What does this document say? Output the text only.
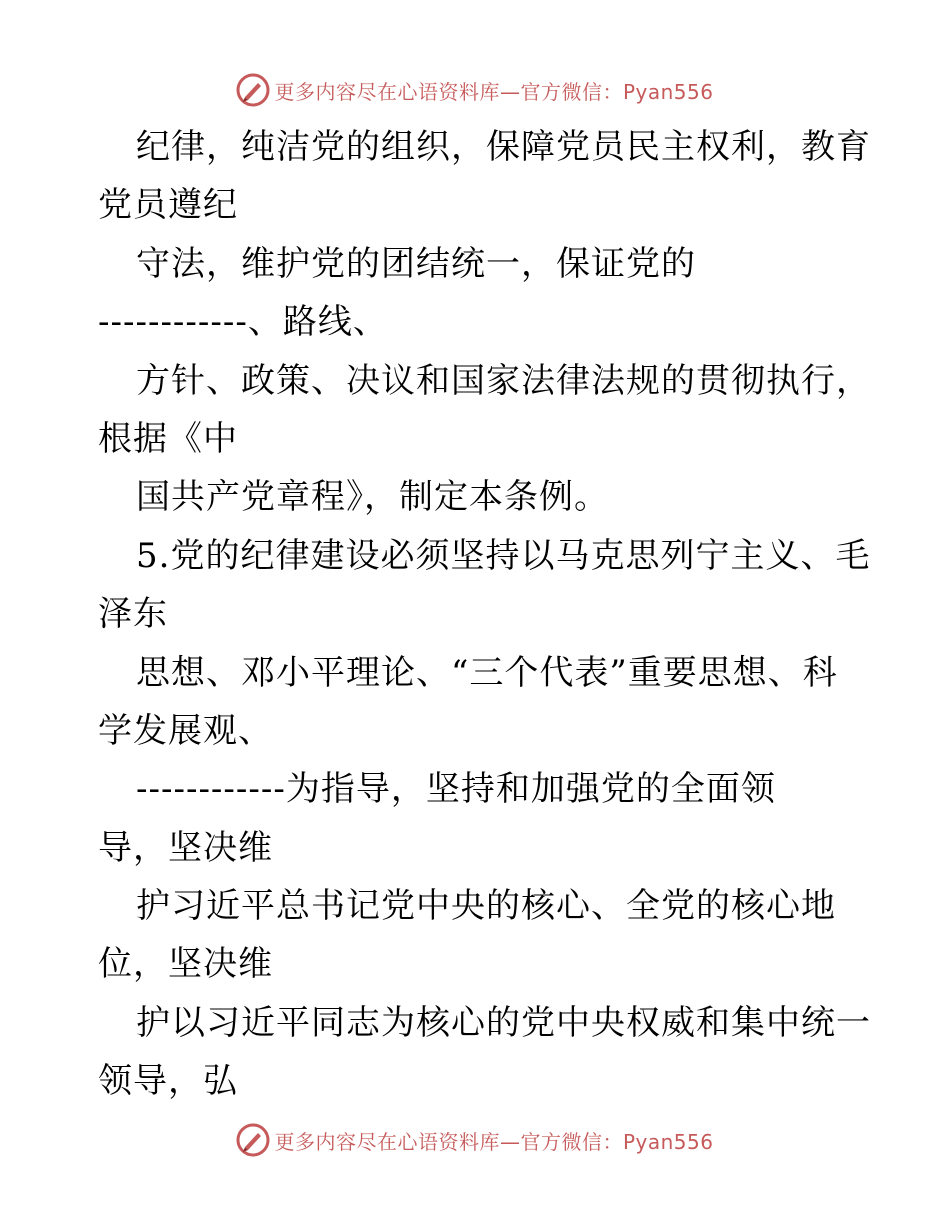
更多内容尽在心语资料库—官方微信：Pyan556
纪律，纯洁党的组织，保障党员民主权利，教育
党员遵纪
守法，维护党的团结统一，保证党的
------------、路线、
方针、政策、决议和国家法律法规的贯彻执行，
根据《中
国共产党章程》，制定本条例。
5.党的纪律建设必须坚持以马克思列宁主义、毛
泽东
思想、邓小平理论、“三个代表”重要思想、科
学发展观、
------------为指导，坚持和加强党的全面领
导，坚决维
护习近平总书记党中央的核心、全党的核心地
位，坚决维
护以习近平同志为核心的党中央权威和集中统一
领导，弘
更多内容尽在心语资料库—官方微信：Pyan556
